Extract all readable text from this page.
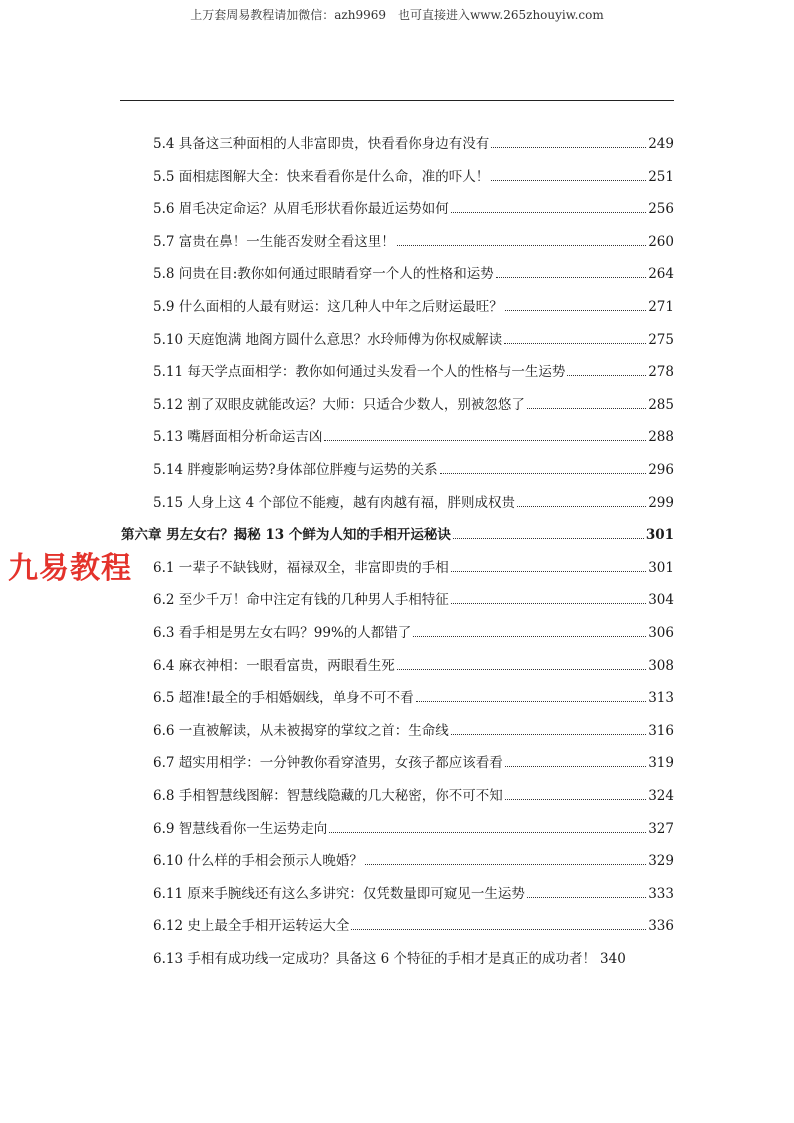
上万套周易教程请加微信：azh9969　也可直接进入www.265zhouyiw.com
5.4 具备这三种面相的人非富即贵，快看看你身边有没有	249
5.5 面相痣图解大全：快来看看你是什么命，准的吓人！	251
5.6 眉毛决定命运？从眉毛形状看你最近运势如何	256
5.7 富贵在鼻！一生能否发财全看这里！	260
5.8 问贵在目:教你如何通过眼睛看穿一个人的性格和运势	264
5.9 什么面相的人最有财运：这几种人中年之后财运最旺？	271
5.10 天庭饱满 地阁方圆什么意思？水玲师傅为你权威解读	275
5.11 每天学点面相学：教你如何通过头发看一个人的性格与一生运势	278
5.12 割了双眼皮就能改运？大师：只适合少数人，别被忽悠了	285
5.13 嘴唇面相分析命运吉凶	288
5.14 胖瘦影响运势?身体部位胖瘦与运势的关系	296
5.15 人身上这 4 个部位不能瘦，越有肉越有福，胖则成权贵	299
第六章 男左女右？揭秘 13 个鲜为人知的手相开运秘诀	301
6.1 一辈子不缺钱财，福禄双全，非富即贵的手相	301
6.2 至少千万！命中注定有钱的几种男人手相特征	304
6.3 看手相是男左女右吗？99%的人都错了	306
6.4 麻衣神相：一眼看富贵，两眼看生死	308
6.5 超准!最全的手相婚姻线，单身不可不看	313
6.6 一直被解读，从未被揭穿的掌纹之首：生命线	316
6.7 超实用相学：一分钟教你看穿渣男，女孩子都应该看看	319
6.8 手相智慧线图解：智慧线隐藏的几大秘密，你不可不知	324
6.9 智慧线看你一生运势走向	327
6.10 什么样的手相会预示人晚婚？	329
6.11 原来手腕线还有这么多讲究：仅凭数量即可窥见一生运势	333
6.12 史上最全手相开运转运大全	336
6.13 手相有成功线一定成功？具备这 6 个特征的手相才是真正的成功者！ 340
九易教程
